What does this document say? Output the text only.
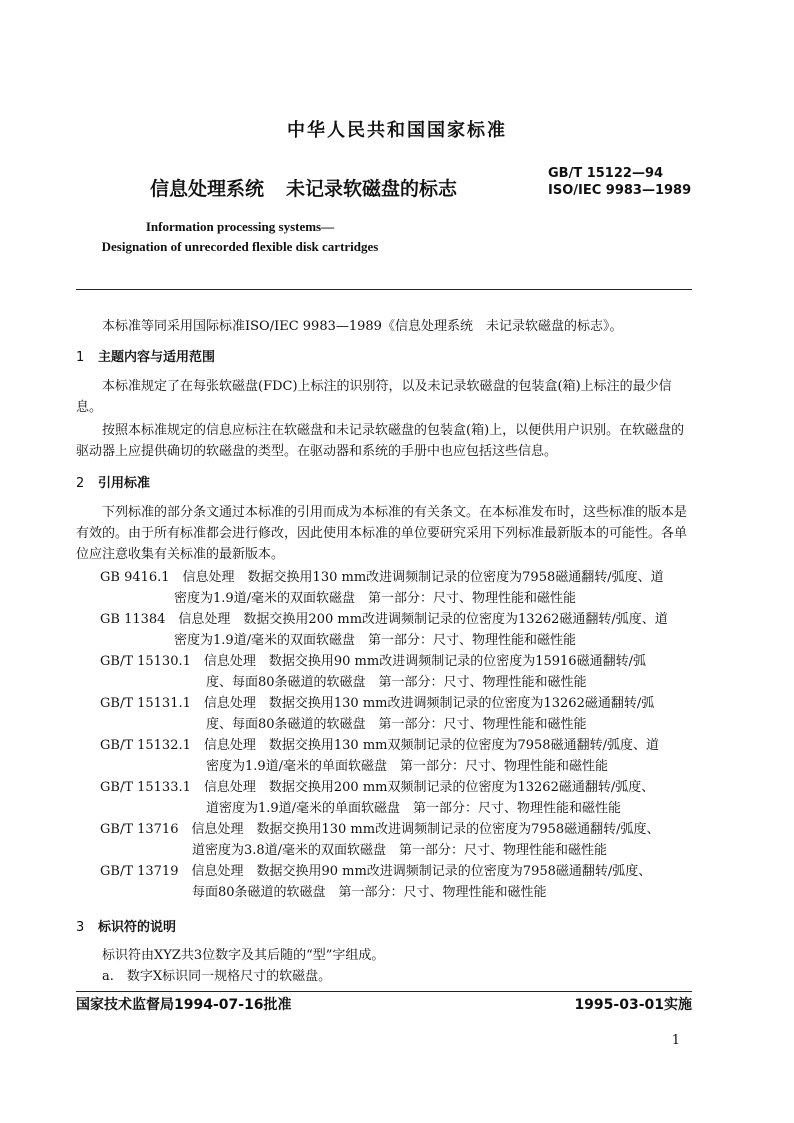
中华人民共和国国家标准
信息处理系统 未记录软磁盘的标志
GB/T 15122—94
ISO/IEC 9983—1989
Information processing systems—
Designation of unrecorded flexible disk cartridges
本标准等同采用国际标准ISO/IEC 9983—1989《信息处理系统　未记录软磁盘的标志》。
1 主题内容与适用范围
本标准规定了在每张软磁盘(FDC)上标注的识别符，以及未记录软磁盘的包装盒(箱)上标注的最少信息。
按照本标准规定的信息应标注在软磁盘和未记录软磁盘的包装盒(箱)上，以便供用户识别。在软磁盘的驱动器上应提供确切的软磁盘的类型。在驱动器和系统的手册中也应包括这些信息。
2 引用标准
下列标准的部分条文通过本标准的引用而成为本标准的有关条文。在本标准发布时，这些标准的版本是有效的。由于所有标准都会进行修改，因此使用本标准的单位要研究采用下列标准最新版本的可能性。各单位应注意收集有关标准的最新版本。
GB 9416.1　信息处理　数据交换用130 mm改进调频制记录的位密度为7958磁通翻转/弧度、道
密度为1.9道/毫米的双面软磁盘　第一部分：尺寸、物理性能和磁性能
GB 11384　信息处理　数据交换用200 mm改进调频制记录的位密度为13262磁通翻转/弧度、道
密度为1.9道/毫米的双面软磁盘　第一部分：尺寸、物理性能和磁性能
GB/T 15130.1　信息处理　数据交换用90 mm改进调频制记录的位密度为15916磁通翻转/弧
度、每面80条磁道的软磁盘　第一部分：尺寸、物理性能和磁性能
GB/T 15131.1　信息处理　数据交换用130 mm改进调频制记录的位密度为13262磁通翻转/弧
度、每面80条磁道的软磁盘　第一部分：尺寸、物理性能和磁性能
GB/T 15132.1　信息处理　数据交换用130 mm双频制记录的位密度为7958磁通翻转/弧度、道
密度为1.9道/毫米的单面软磁盘　第一部分：尺寸、物理性能和磁性能
GB/T 15133.1　信息处理　数据交换用200 mm双频制记录的位密度为13262磁通翻转/弧度、
道密度为1.9道/毫米的单面软磁盘　第一部分：尺寸、物理性能和磁性能
GB/T 13716　信息处理　数据交换用130 mm改进调频制记录的位密度为7958磁通翻转/弧度、
道密度为3.8道/毫米的双面软磁盘　第一部分：尺寸、物理性能和磁性能
GB/T 13719　信息处理　数据交换用90 mm改进调频制记录的位密度为7958磁通翻转/弧度、
每面80条磁道的软磁盘　第一部分：尺寸、物理性能和磁性能
3 标识符的说明
标识符由XYZ共3位数字及其后随的“型”字组成。
a.　数字X标识同一规格尺寸的软磁盘。
国家技术监督局1994-07-16批准	1995-03-01实施
1
